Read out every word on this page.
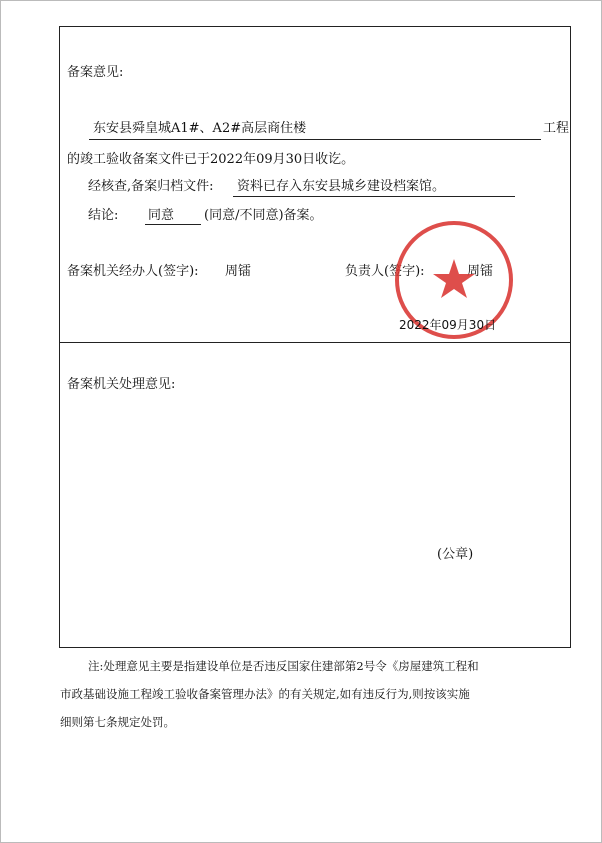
备案意见:
东安县舜皇城A1#、A2#高层商住楼	工程
的竣工验收备案文件已于2022年09月30日收讫。
经核查,备案归档文件: 资料已存入东安县城乡建设档案馆。
结论: 同意 (同意/不同意)备案。
备案机关经办人(签字): 周镭	负责人(签字):	周镭
2022年09月30日
备案机关处理意见:
(公章)
注:处理意见主要是指建设单位是否违反国家住建部第2号令《房屋建筑工程和
市政基础设施工程竣工验收备案管理办法》的有关规定,如有违反行为,则按该实施
细则第七条规定处罚。
